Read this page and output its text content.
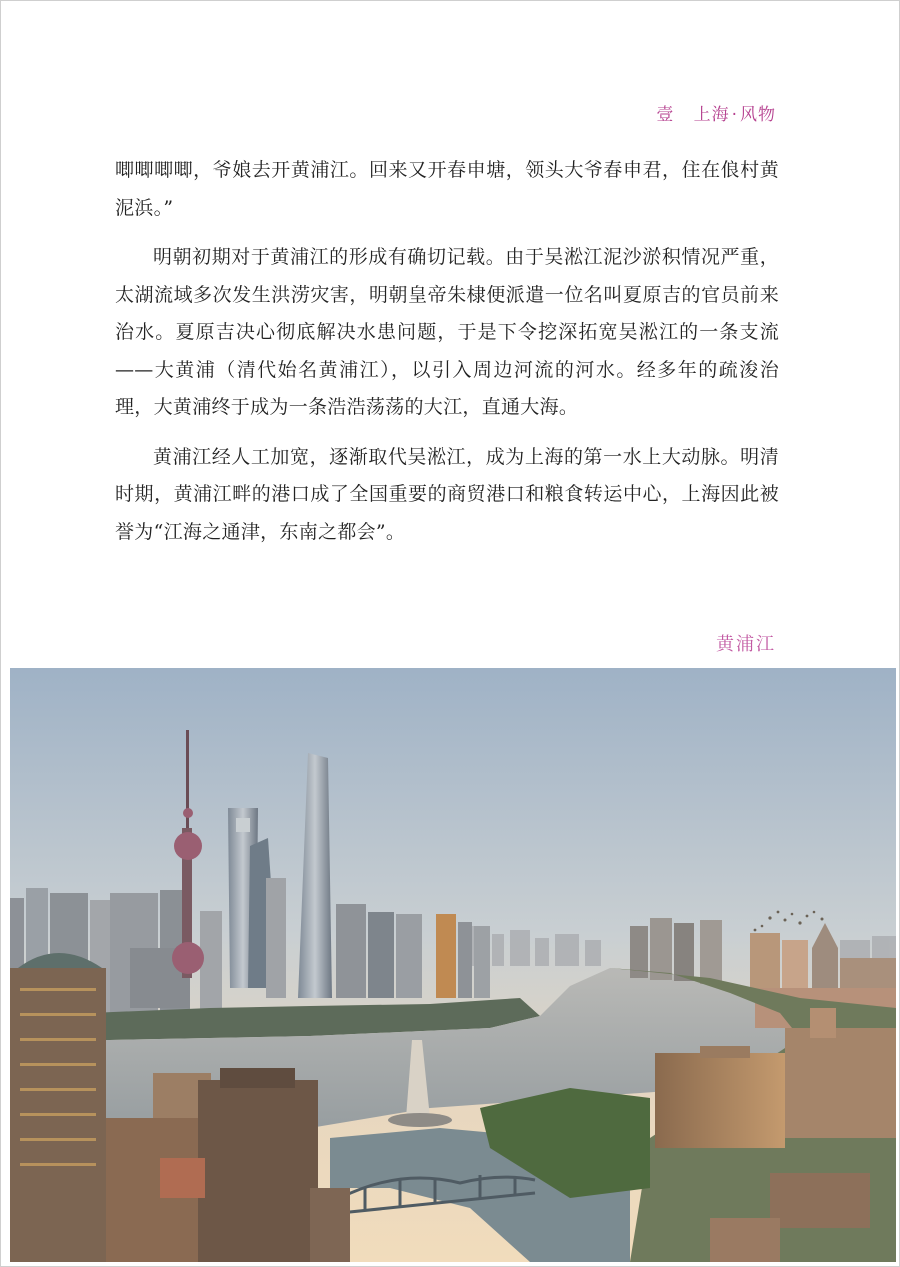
壹 上海 · 风物

唧唧唧唧，爷娘去开黄浦江。回来又开春申塘，领头大爷春申君，住在俍村黄泥浜。”

明朝初期对于黄浦江的形成有确切记载。由于吴淞江泥沙淤积情况严重，太湖流域多次发生洪涝灾害，明朝皇帝朱棣便派遣一位名叫夏原吉的官员前来治水。夏原吉决心彻底解决水患问题，于是下令挖深拓宽吴淞江的一条支流——大黄浦（清代始名黄浦江），以引入周边河流的河水。经多年的疏浚治理，大黄浦终于成为一条浩浩荡荡的大江，直通大海。

黄浦江经人工加宽，逐渐取代吴淞江，成为上海的第一水上大动脉。明清时期，黄浦江畔的港口成了全国重要的商贸港口和粮食转运中心，上海因此被誉为“江海之通津，东南之都会”。

黄浦江
